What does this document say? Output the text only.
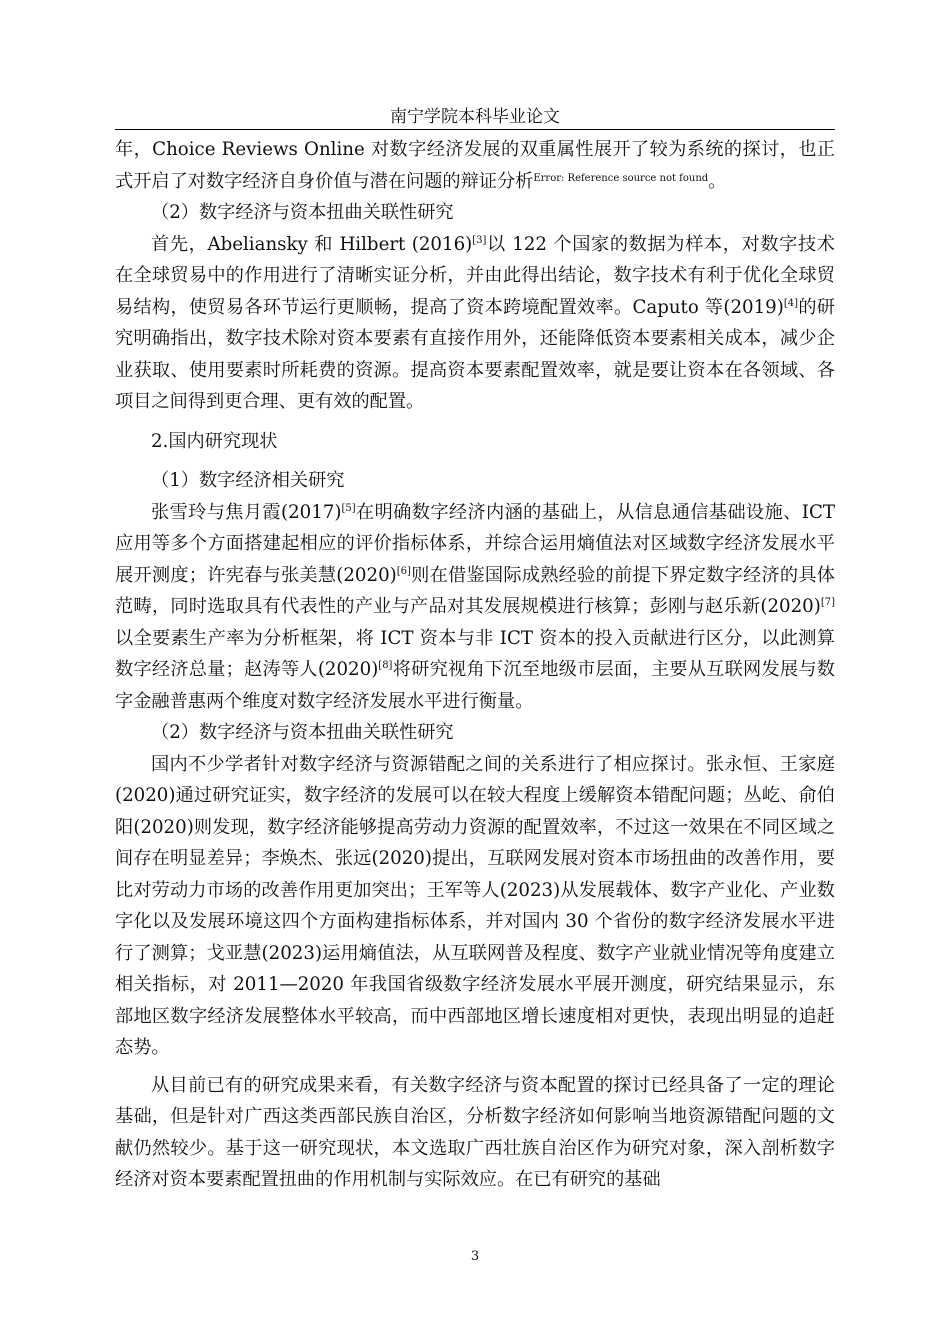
南宁学院本科毕业论文

年，Choice Reviews Online 对数字经济发展的双重属性展开了较为系统的探讨，也正式开启了对数字经济自身价值与潜在问题的辩证分析$^{Error: Reference source not found}$。

（2）数字经济与资本扭曲关联性研究

首先，Abeliansky 和 Hilbert (2016)[3]以 122 个国家的数据为样本，对数字技术在全球贸易中的作用进行了清晰实证分析，并由此得出结论，数字技术有利于优化全球贸易结构，使贸易各环节运行更顺畅，提高了资本跨境配置效率。Caputo 等(2019)[4]的研究明确指出，数字技术除对资本要素有直接作用外，还能降低资本要素相关成本，减少企业获取、使用要素时所耗费的资源。提高资本要素配置效率，就是要让资本在各领域、各项目之间得到更合理、更有效的配置。

2.国内研究现状

（1）数字经济相关研究

张雪玲与焦月霞(2017)[5]在明确数字经济内涵的基础上，从信息通信基础设施、ICT 应用等多个方面搭建起相应的评价指标体系，并综合运用熵值法对区域数字经济发展水平展开测度；许宪春与张美慧(2020)[6]则在借鉴国际成熟经验的前提下界定数字经济的具体范畴，同时选取具有代表性的产业与产品对其发展规模进行核算；彭刚与赵乐新(2020)[7]以全要素生产率为分析框架，将 ICT 资本与非 ICT 资本的投入贡献进行区分，以此测算数字经济总量；赵涛等人(2020)[8]将研究视角下沉至地级市层面，主要从互联网发展与数字金融普惠两个维度对数字经济发展水平进行衡量。

（2）数字经济与资本扭曲关联性研究

国内不少学者针对数字经济与资源错配之间的关系进行了相应探讨。张永恒、王家庭(2020)通过研究证实，数字经济的发展可以在较大程度上缓解资本错配问题；丛屹、俞伯阳(2020)则发现，数字经济能够提高劳动力资源的配置效率，不过这一效果在不同区域之间存在明显差异；李焕杰、张远(2020)提出，互联网发展对资本市场扭曲的改善作用，要比对劳动力市场的改善作用更加突出；王军等人(2023)从发展载体、数字产业化、产业数字化以及发展环境这四个方面构建指标体系，并对国内 30 个省份的数字经济发展水平进行了测算；戈亚慧(2023)运用熵值法，从互联网普及程度、数字产业就业情况等角度建立相关指标，对 2011—2020 年我国省级数字经济发展水平展开测度，研究结果显示，东部地区数字经济发展整体水平较高，而中西部地区增长速度相对更快，表现出明显的追赶态势。

从目前已有的研究成果来看，有关数字经济与资本配置的探讨已经具备了一定的理论基础，但是针对广西这类西部民族自治区，分析数字经济如何影响当地资源错配问题的文献仍然较少。基于这一研究现状，本文选取广西壮族自治区作为研究对象，深入剖析数字经济对资本要素配置扭曲的作用机制与实际效应。在已有研究的基础

3
